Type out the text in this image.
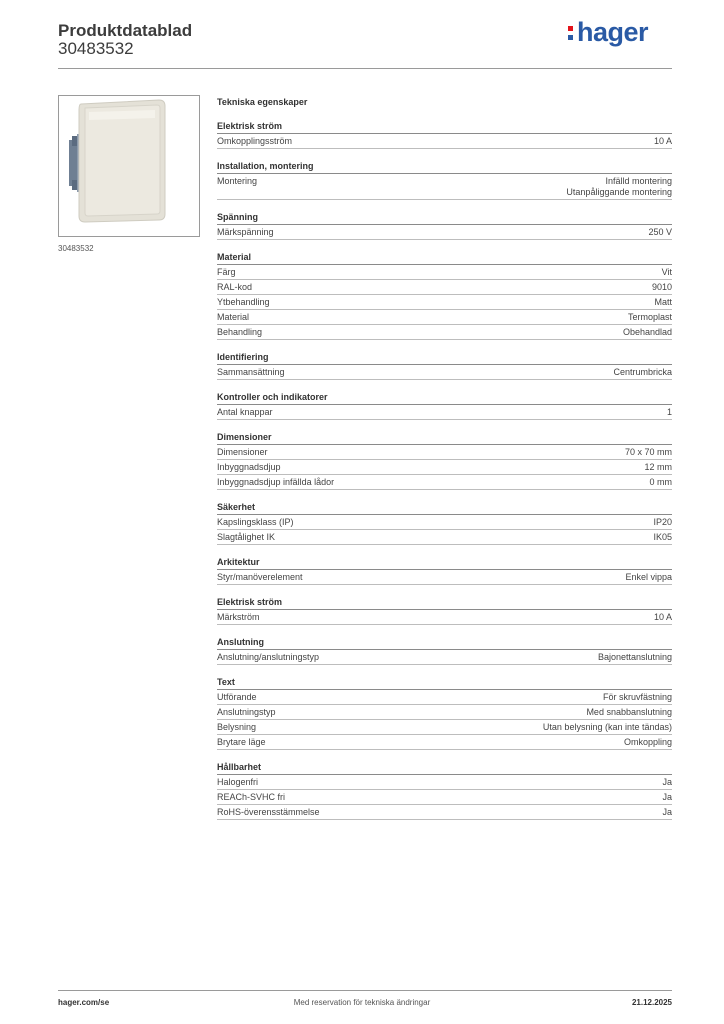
Produktdatablad
30483532
hager
30483532
Tekniska egenskaper
Elektrisk ström
Omkopplingsström	10 A
Installation, montering
Montering	Infälld montering
Utanpåliggande montering
Spänning
Märkspänning	250 V
Material
Färg	Vit
RAL-kod	9010
Ytbehandling	Matt
Material	Termoplast
Behandling	Obehandlad
Identifiering
Sammansättning	Centrumbricka
Kontroller och indikatorer
Antal knappar	1
Dimensioner
Dimensioner	70 x 70 mm
Inbyggnadsdjup	12 mm
Inbyggnadsdjup infällda lådor	0 mm
Säkerhet
Kapslingsklass (IP)	IP20
Slagtålighet IK	IK05
Arkitektur
Styr/manöverelement	Enkel vippa
Elektrisk ström
Märkström	10 A
Anslutning
Anslutning/anslutningstyp	Bajonettanslutning
Text
Utförande	För skruvfästning
Anslutningstyp	Med snabbanslutning
Belysning	Utan belysning (kan inte tändas)
Brytare läge	Omkoppling
Hållbarhet
Halogenfri	Ja
REACh-SVHC fri	Ja
RoHS-överensstämmelse	Ja
hager.com/se	Med reservation för tekniska ändringar	21.12.2025
